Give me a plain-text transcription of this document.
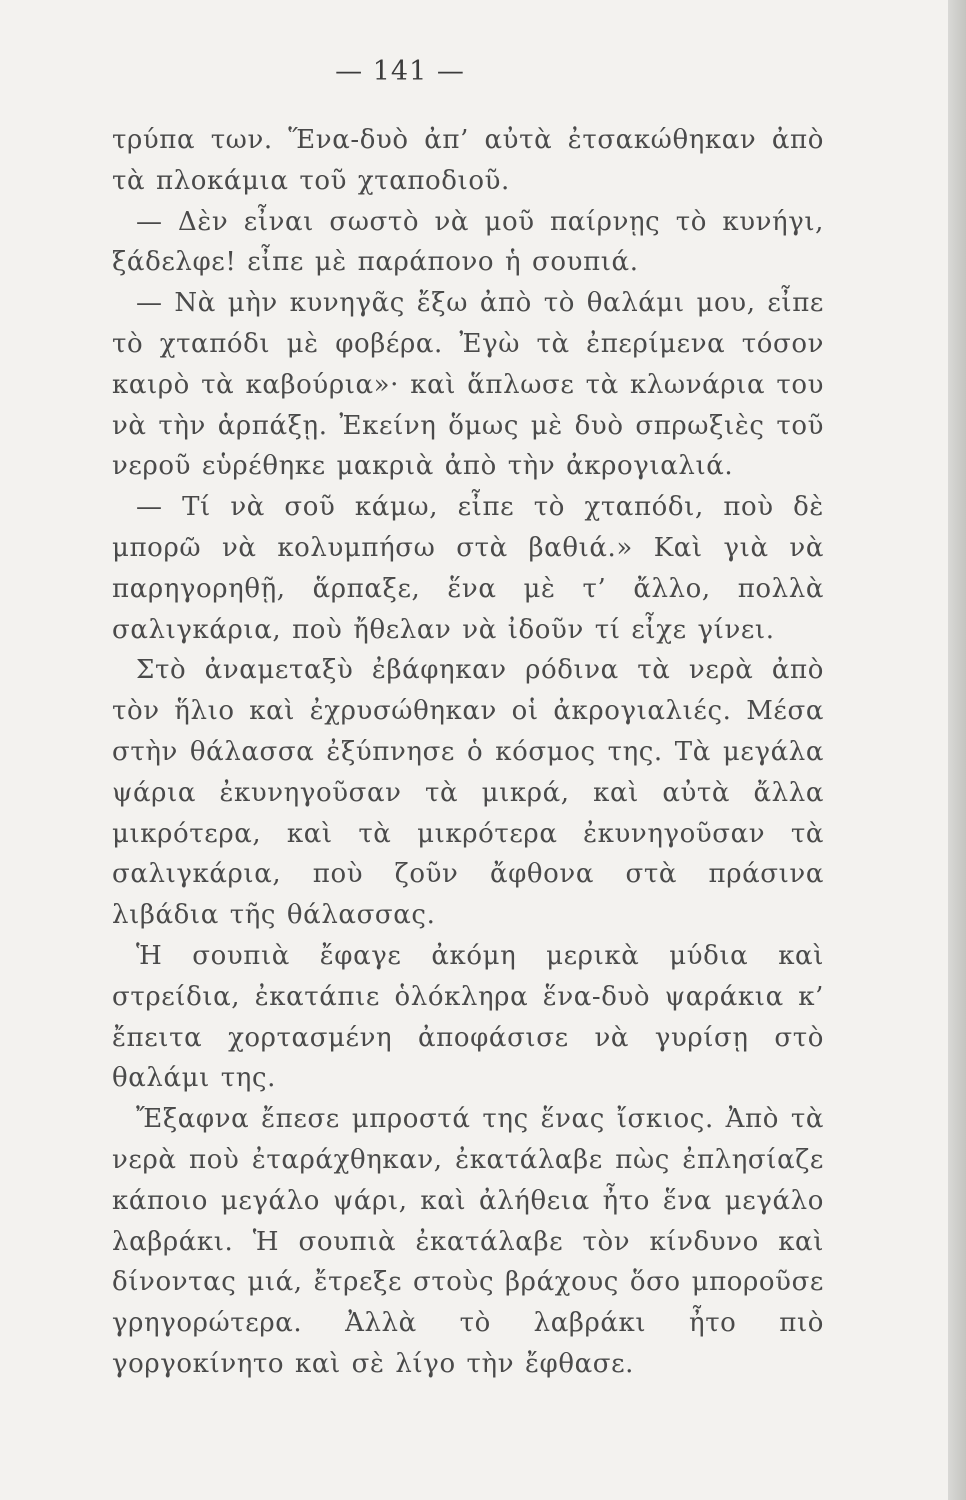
— 141 —

τρύπα των. Ἕνα-δυὸ ἀπ’ αὐτὰ ἐτσακώθηκαν ἀπὸ τὰ πλοκάμια τοῦ χταποδιοῦ.

— Δὲν εἶναι σωστὸ νὰ μοῦ παίρνῃς τὸ κυνήγι, ξάδελφε! εἶπε μὲ παράπονο ἡ σουπιά.

— Νὰ μὴν κυνηγᾶς ἔξω ἀπὸ τὸ θαλάμι μου, εἶπε τὸ χταπόδι μὲ φοβέρα. Ἐγὼ τὰ ἐπερίμενα τόσον καιρὸ τὰ καβούρια»· καὶ ἅπλωσε τὰ κλωνάρια του νὰ τὴν ἁρπάξῃ. Ἐκείνη ὅμως μὲ δυὸ σπρωξιὲς τοῦ νεροῦ εὑρέθηκε μακριὰ ἀπὸ τὴν ἀκρογιαλιά.

— Τί νὰ σοῦ κάμω, εἶπε τὸ χταπόδι, ποὺ δὲ μπορῶ νὰ κολυμπήσω στὰ βαθιά.» Καὶ γιὰ νὰ παρηγορηθῇ, ἅρπαξε, ἕνα μὲ τ’ ἄλλο, πολλὰ σαλιγκάρια, ποὺ ἤθελαν νὰ ἰδοῦν τί εἶχε γίνει.

Στὸ ἀναμεταξὺ ἐβάφηκαν ρόδινα τὰ νερὰ ἀπὸ τὸν ἥλιο καὶ ἐχρυσώθηκαν οἱ ἀκρογιαλιές. Μέσα στὴν θάλασσα ἐξύπνησε ὁ κόσμος της. Τὰ μεγάλα ψάρια ἐκυνηγοῦσαν τὰ μικρά, καὶ αὐτὰ ἄλλα μικρότερα, καὶ τὰ μικρότερα ἐκυνηγοῦσαν τὰ σαλιγκάρια, ποὺ ζοῦν ἄφθονα στὰ πράσινα λιβάδια τῆς θάλασσας.

Ἡ σουπιὰ ἔφαγε ἀκόμη μερικὰ μύδια καὶ στρείδια, ἐκατάπιε ὁλόκληρα ἕνα-δυὸ ψαράκια κ’ ἔπειτα χορτασμένη ἀποφάσισε νὰ γυρίσῃ στὸ θαλάμι της.

Ἔξαφνα ἔπεσε μπροστά της ἕνας ἴσκιος. Ἀπὸ τὰ νερὰ ποὺ ἐταράχθηκαν, ἐκατάλαβε πὼς ἐπλησίαζε κάποιο μεγάλο ψάρι, καὶ ἀλήθεια ἦτο ἕνα μεγάλο λαβράκι. Ἡ σουπιὰ ἐκατάλαβε τὸν κίνδυνο καὶ δίνοντας μιά, ἔτρεξε στοὺς βράχους ὅσο μποροῦσε γρηγορώτερα. Ἀλλὰ τὸ λαβράκι ἦτο πιὸ γοργοκίνητο καὶ σὲ λίγο τὴν ἔφθασε.
